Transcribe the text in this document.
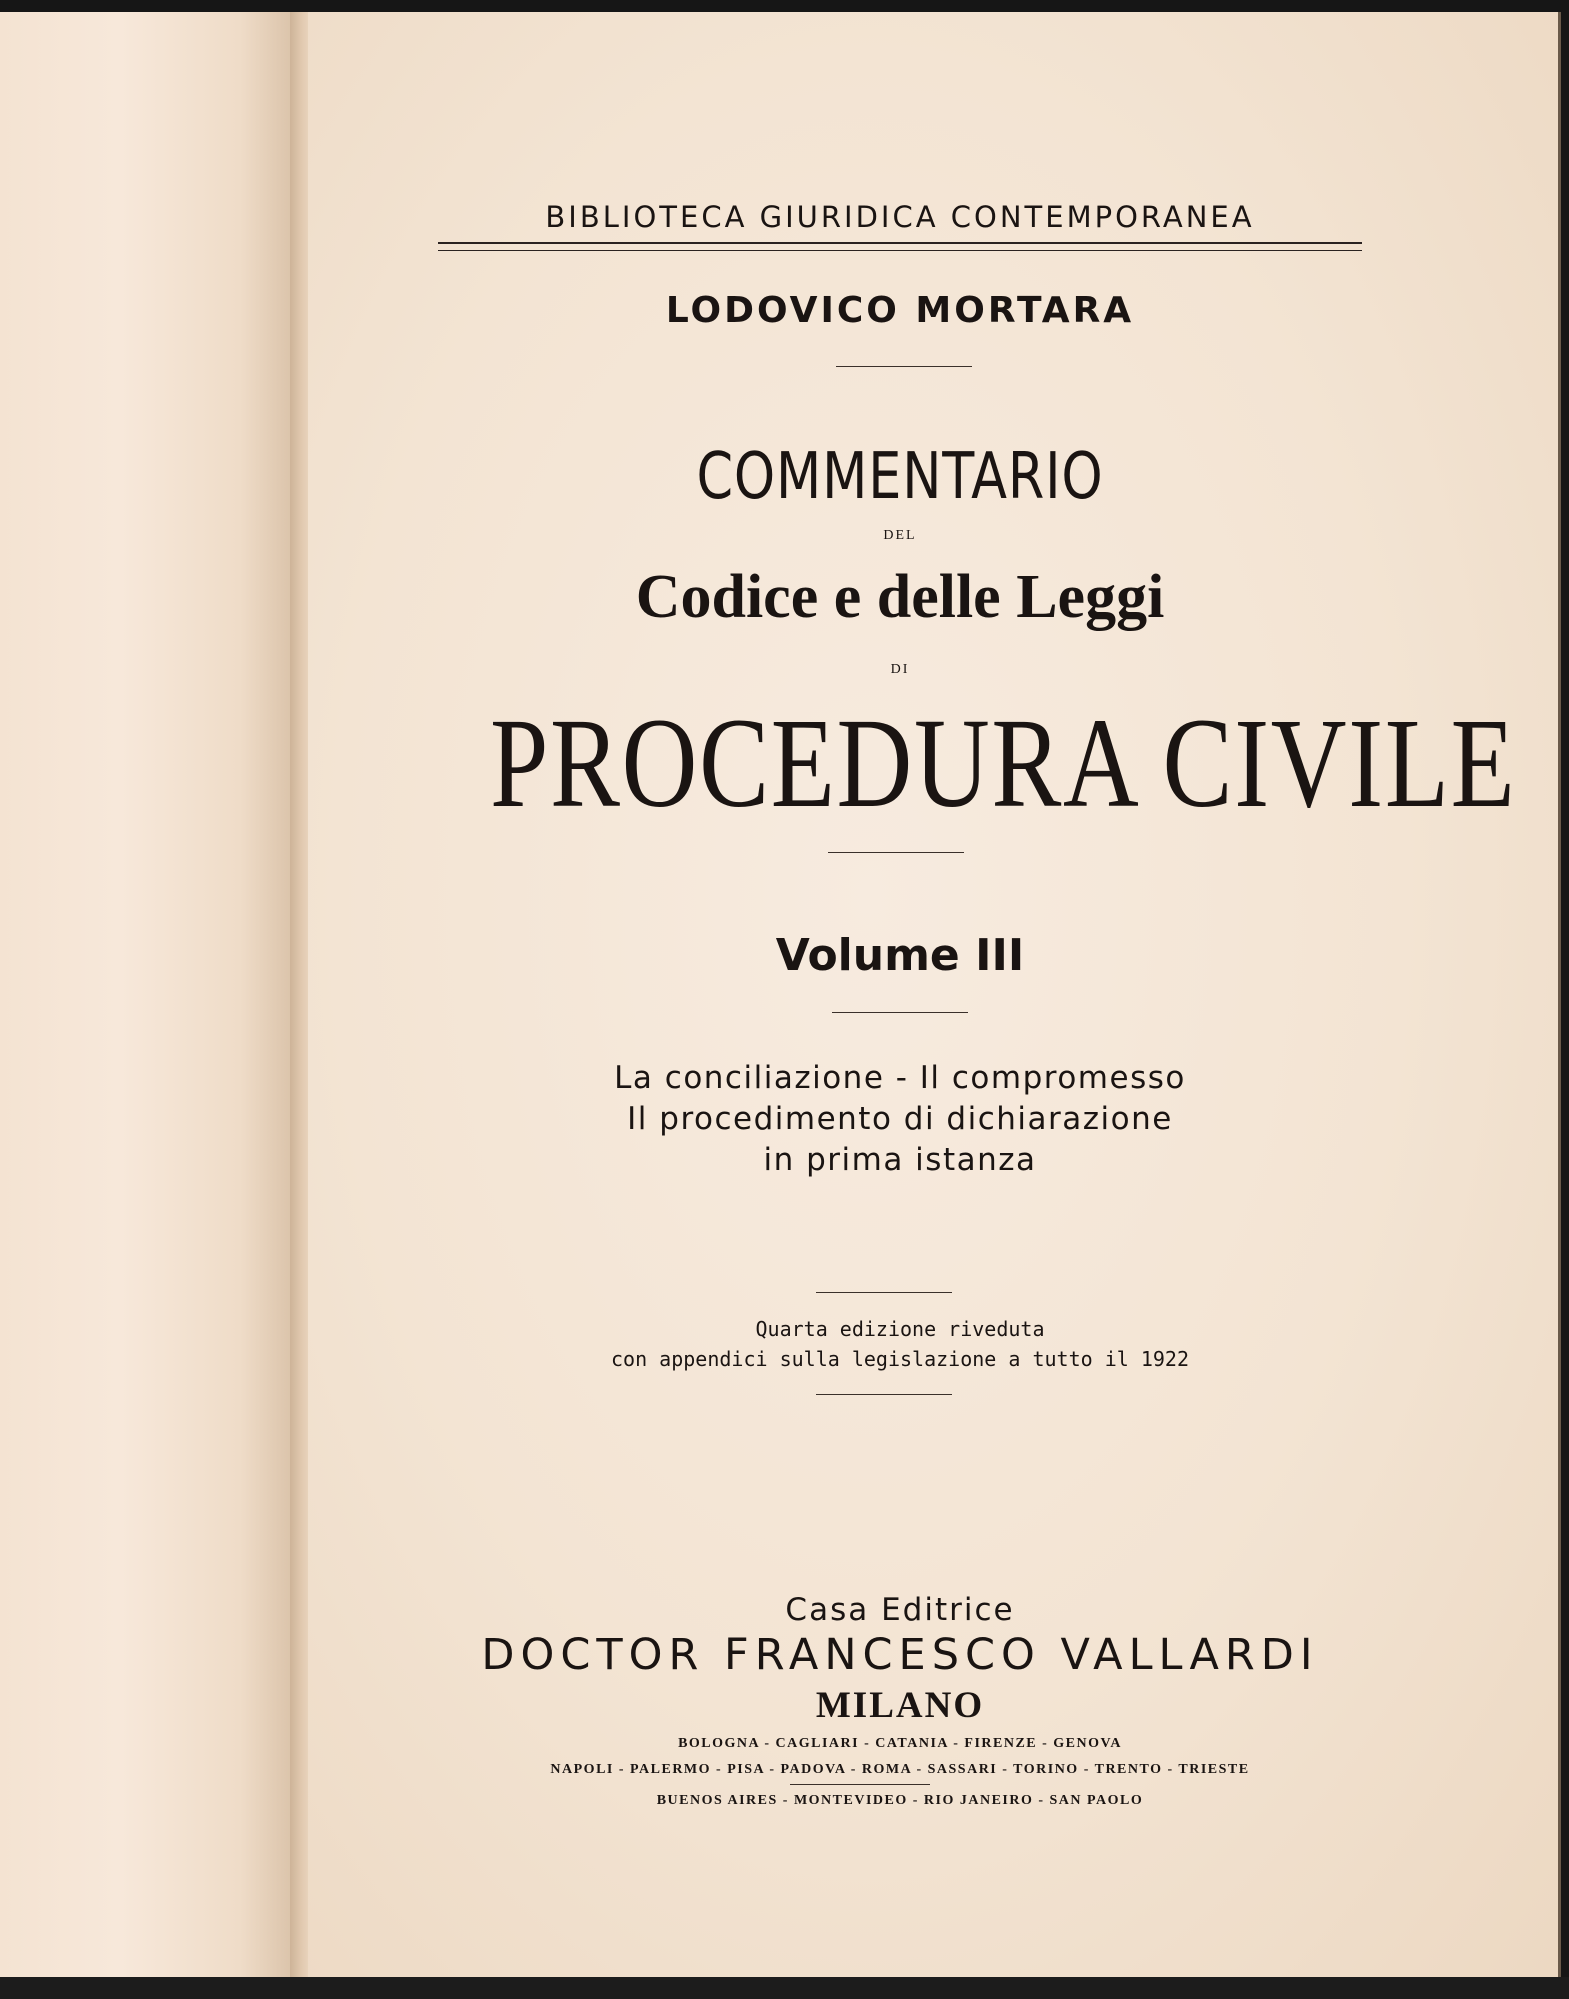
BIBLIOTECA GIURIDICA CONTEMPORANEA
LODOVICO MORTARA
COMMENTARIO
DEL
Codice e delle Leggi
DI
PROCEDURA CIVILE
Volume III
La conciliazione - Il compromesso
Il procedimento di dichiarazione
in prima istanza
Quarta edizione riveduta
con appendici sulla legislazione a tutto il 1922
Casa Editrice
DOCTOR FRANCESCO VALLARDI
MILANO
BOLOGNA - CAGLIARI - CATANIA - FIRENZE - GENOVA
NAPOLI - PALERMO - PISA - PADOVA - ROMA - SASSARI - TORINO - TRENTO - TRIESTE
BUENOS AIRES - MONTEVIDEO - RIO JANEIRO - SAN PAOLO
